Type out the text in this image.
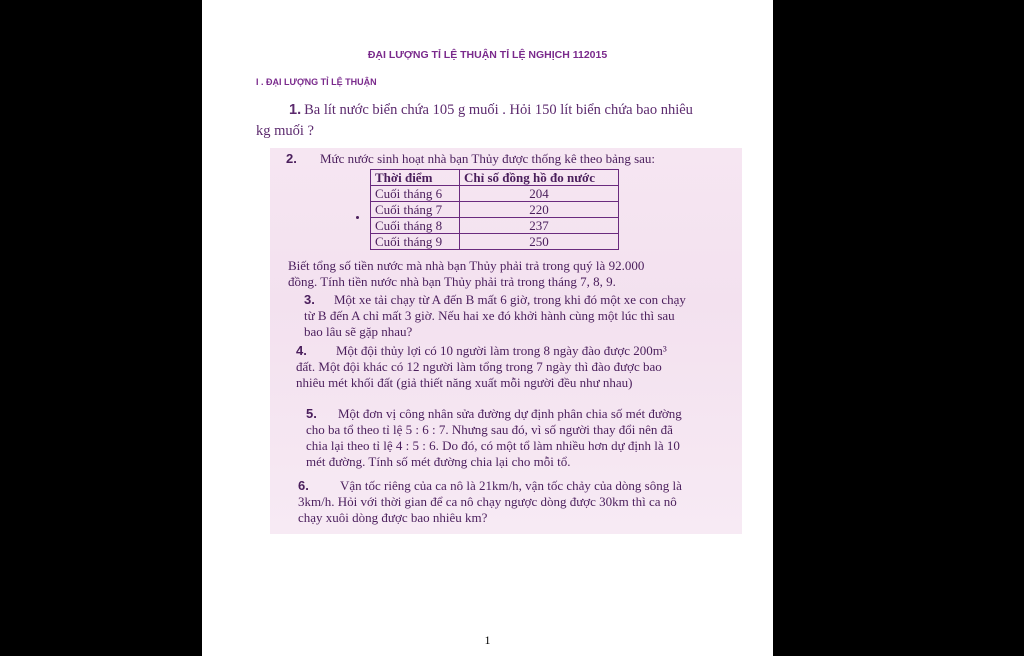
ĐẠI LƯỢNG TỈ LỆ THUẬN TỈ LỆ NGHỊCH 112015
I . ĐẠI LƯỢNG TỈ LỆ THUẬN
1. Ba lít nước biển chứa 105 g muối . Hỏi 150 lít biển chứa bao nhiêu
kg muối ?
2. Mức nước sinh hoạt nhà bạn Thủy được thống kê theo bảng sau:
Thời điểm	Chỉ số đồng hồ đo nước
Cuối tháng 6	204
Cuối tháng 7	220
Cuối tháng 8	237
Cuối tháng 9	250
Biết tổng số tiền nước mà nhà bạn Thủy phải trả trong quý là 92.000
đồng. Tính tiền nước nhà bạn Thủy phải trả trong tháng 7, 8, 9.
3. Một xe tải chạy từ A đến B mất 6 giờ, trong khi đó một xe con chạy
từ B đến A chỉ mất 3 giờ. Nếu hai xe đó khởi hành cùng một lúc thì sau
bao lâu sẽ gặp nhau?
4. Một đội thủy lợi có 10 người làm trong 8 ngày đào được 200m³
đất. Một đội khác có 12 người làm tổng trong 7 ngày thì đào được bao
nhiêu mét khối đất (giả thiết năng xuất mỗi người đều như nhau)
5. Một đơn vị công nhân sửa đường dự định phân chia số mét đường
cho ba tổ theo tỉ lệ 5 : 6 : 7. Nhưng sau đó, vì số người thay đổi nên đã
chia lại theo tỉ lệ 4 : 5 : 6. Do đó, có một tổ làm nhiều hơn dự định là 10
mét đường. Tính số mét đường chia lại cho mỗi tổ.
6. Vận tốc riêng của ca nô là 21km/h, vận tốc chảy của dòng sông là
3km/h. Hỏi với thời gian để ca nô chạy ngược dòng được 30km thì ca nô
chạy xuôi dòng được bao nhiêu km?
1
